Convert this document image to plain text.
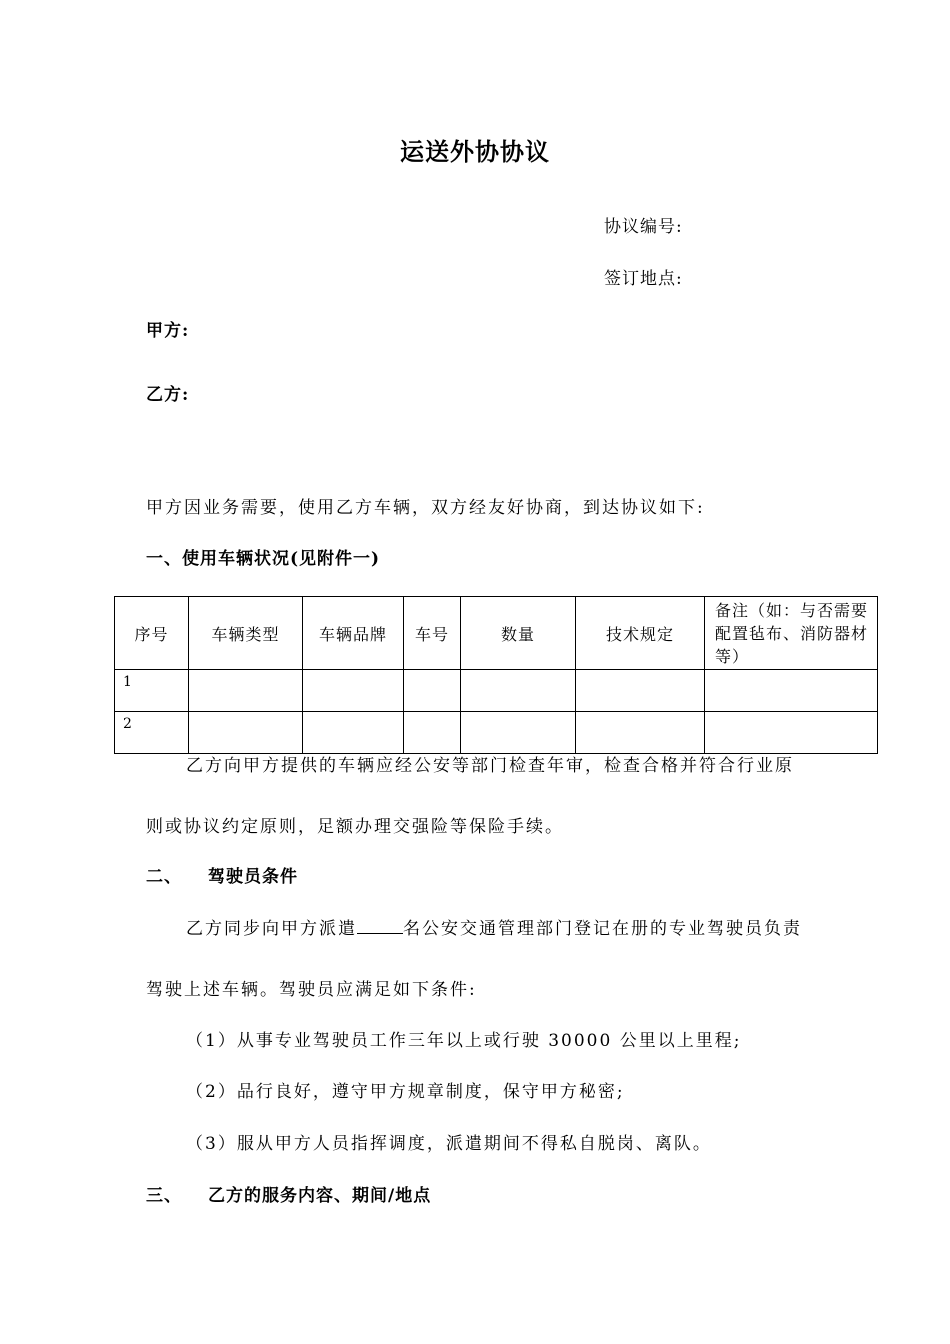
运送外协协议
协议编号:
签订地点:
甲方:
乙方:
甲方因业务需要，使用乙方车辆，双方经友好协商，到达协议如下:
一、使用车辆状况(见附件一)
序号	车辆类型	车辆品牌	车号	数量	技术规定	备注（如：与否需要配置毡布、消防器材等）
1						
2						
乙方向甲方提供的车辆应经公安等部门检查年审，检查合格并符合行业原
则或协议约定原则，足额办理交强险等保险手续。
二、 驾驶员条件
乙方同步向甲方派遣	名公安交通管理部门登记在册的专业驾驶员负责
驾驶上述车辆。驾驶员应满足如下条件:
（1）从事专业驾驶员工作三年以上或行驶 30000 公里以上里程;
（2）品行良好，遵守甲方规章制度，保守甲方秘密;
（3）服从甲方人员指挥调度，派遣期间不得私自脱岗、离队。
三、 乙方的服务内容、期间/地点
